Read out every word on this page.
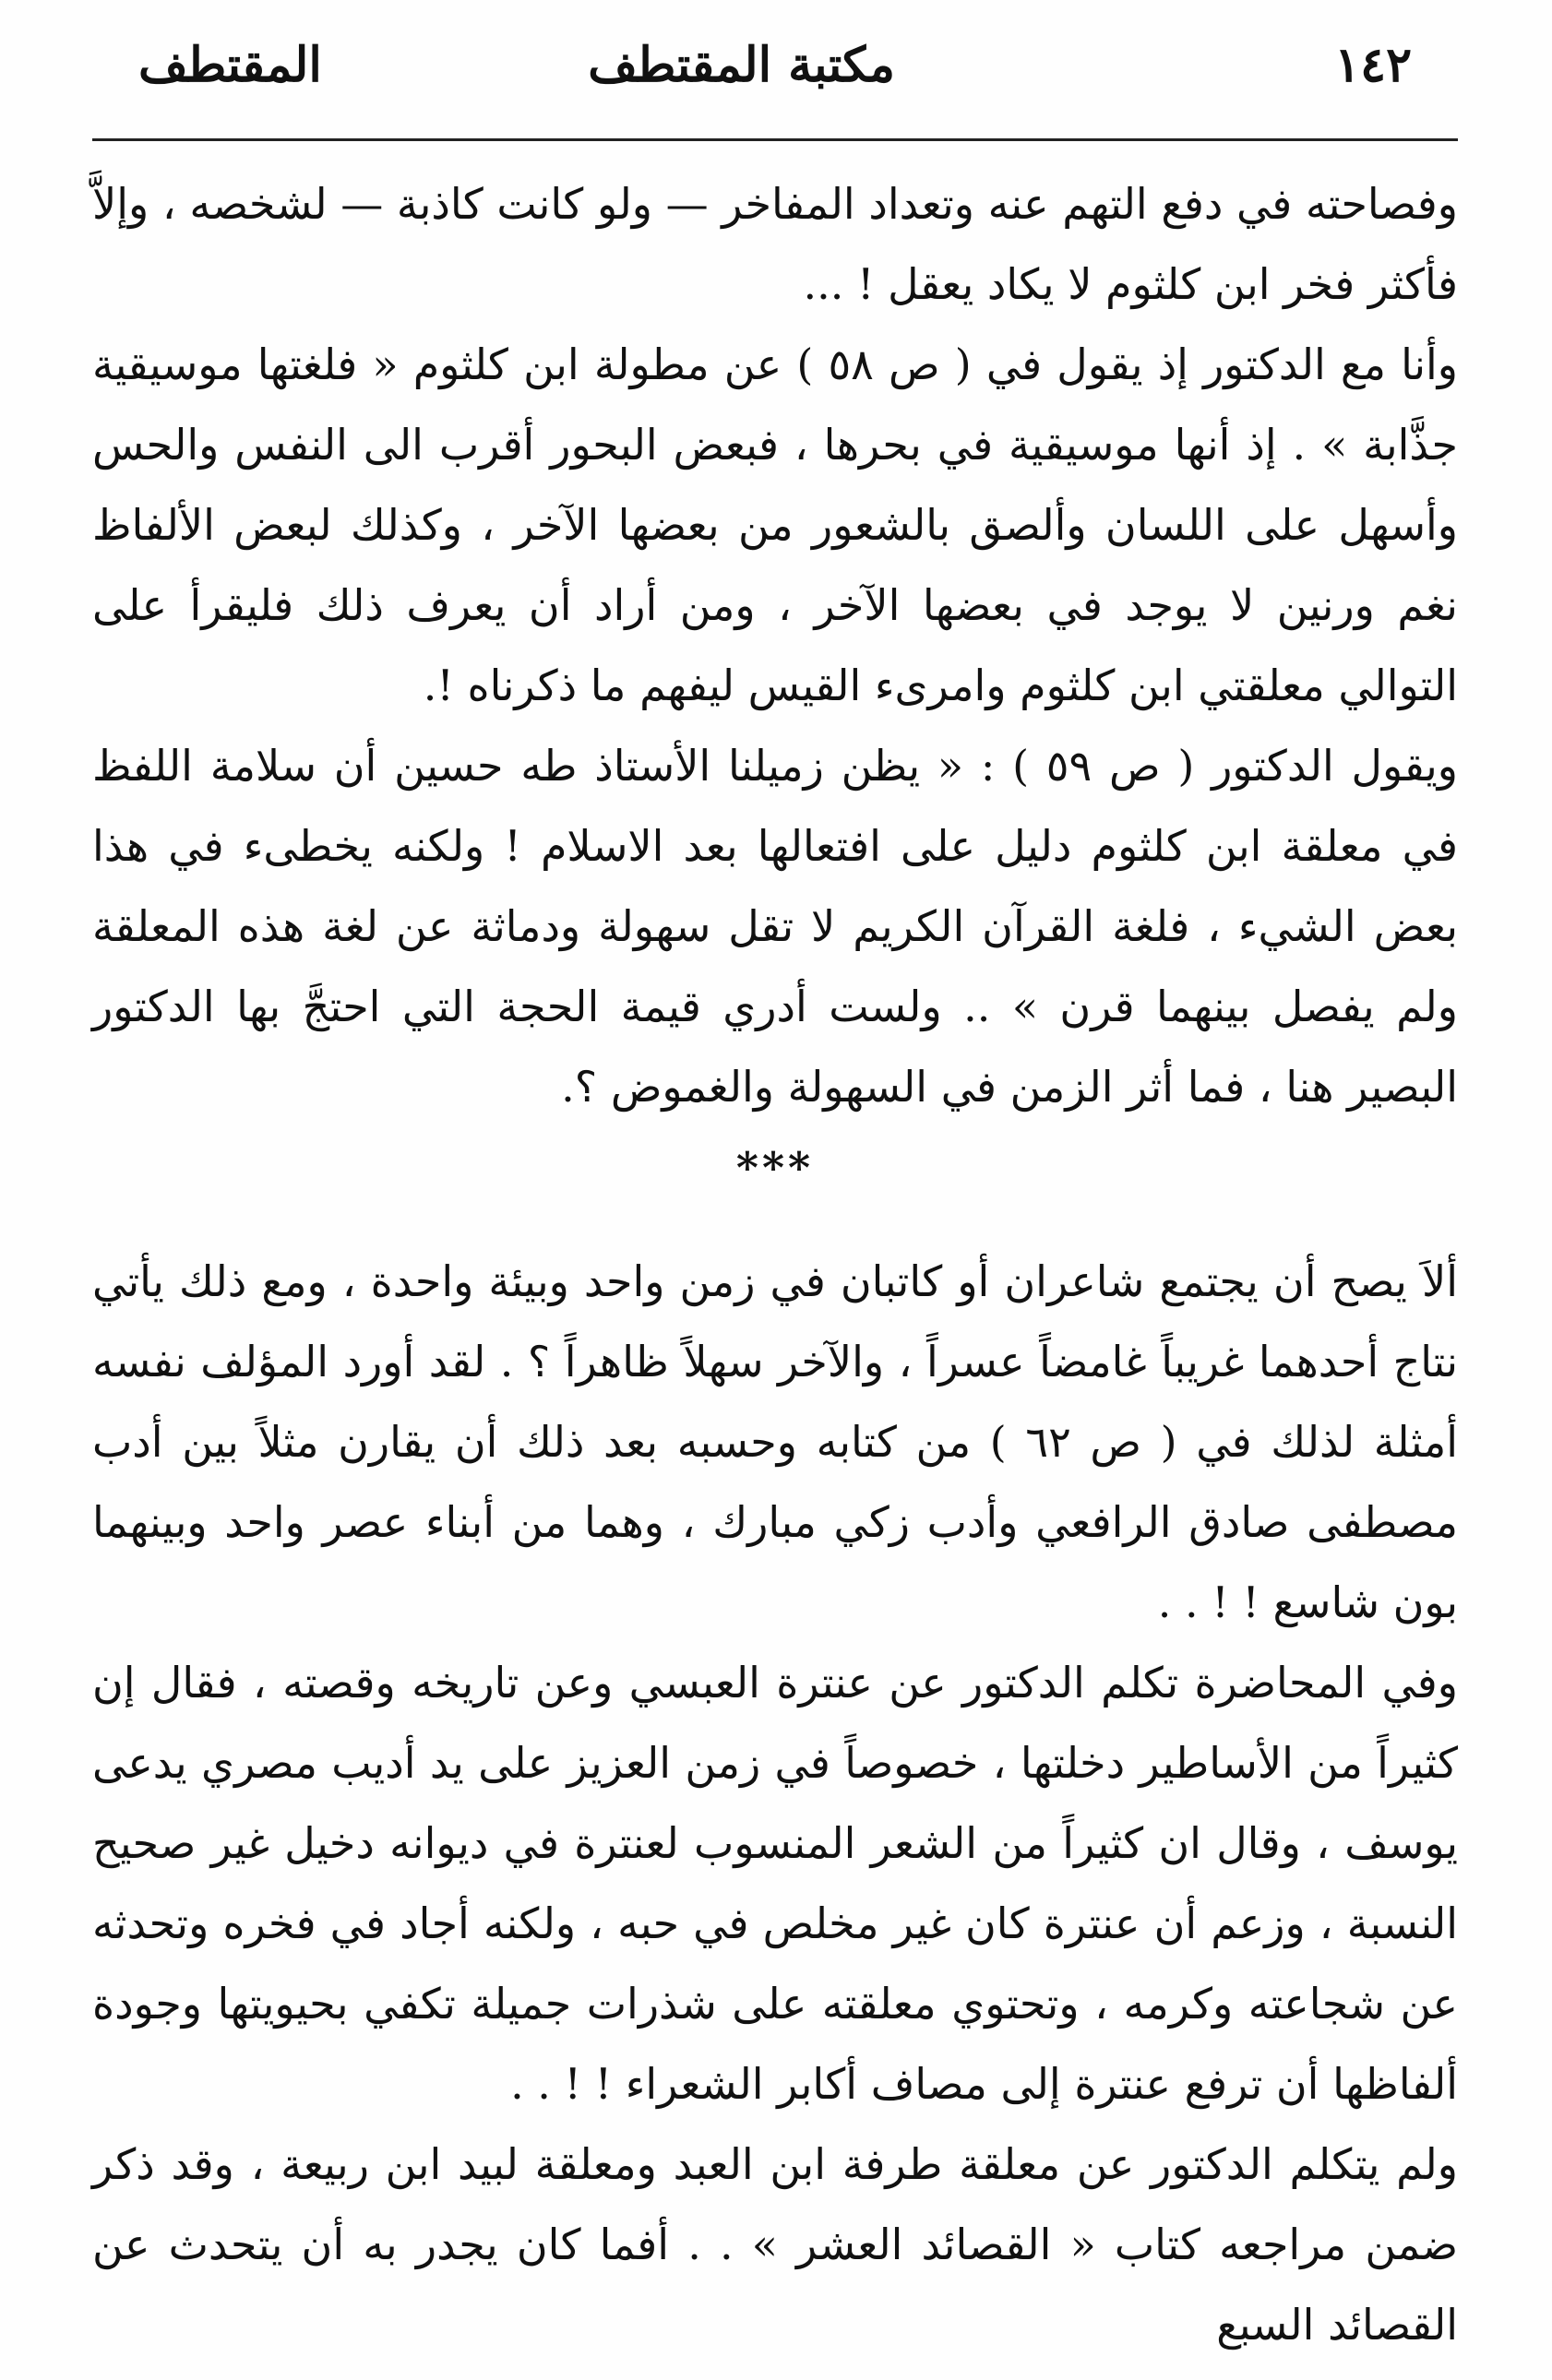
١٤٢
مكتبة المقتطف
المقتطف

وفصاحته في دفع التهم عنه وتعداد المفاخر — ولو كانت كاذبة — لشخصه ، وإلاَّ فأكثر فخر ابن كلثوم لا يكاد يعقل ! ...

وأنا مع الدكتور إذ يقول في ( ص ٥٨ ) عن مطولة ابن كلثوم « فلغتها موسيقية جذَّابة » . إذ أنها موسيقية في بحرها ، فبعض البحور أقرب الى النفس والحس وأسهل على اللسان وألصق بالشعور من بعضها الآخر ، وكذلك لبعض الألفاظ نغم ورنين لا يوجد في بعضها الآخر ، ومن أراد أن يعرف ذلك فليقرأ على التوالي معلقتي ابن كلثوم وامرىء القيس ليفهم ما ذكرناه !.

ويقول الدكتور ( ص ٥٩ ) : « يظن زميلنا الأستاذ طه حسين أن سلامة اللفظ في معلقة ابن كلثوم دليل على افتعالها بعد الاسلام ! ولكنه يخطىء في هذا بعض الشيء ، فلغة القرآن الكريم لا تقل سهولة ودماثة عن لغة هذه المعلقة ولم يفصل بينهما قرن » .. ولست أدري قيمة الحجة التي احتجَّ بها الدكتور البصير هنا ، فما أثر الزمن في السهولة والغموض ؟.

***

ألاَ يصح أن يجتمع شاعران أو كاتبان في زمن واحد وبيئة واحدة ، ومع ذلك يأتي نتاج أحدهما غريباً غامضاً عسراً ، والآخر سهلاً ظاهراً ؟ . لقد أورد المؤلف نفسه أمثلة لذلك في ( ص ٦٢ ) من كتابه وحسبه بعد ذلك أن يقارن مثلاً بين أدب مصطفى صادق الرافعي وأدب زكي مبارك ، وهما من أبناء عصر واحد وبينهما بون شاسع ! ! . .

وفي المحاضرة تكلم الدكتور عن عنترة العبسي وعن تاريخه وقصته ، فقال إن كثيراً من الأساطير دخلتها ، خصوصاً في زمن العزيز على يد أديب مصري يدعى يوسف ، وقال ان كثيراً من الشعر المنسوب لعنترة في ديوانه دخيل غير صحيح النسبة ، وزعم أن عنترة كان غير مخلص في حبه ، ولكنه أجاد في فخره وتحدثه عن شجاعته وكرمه ، وتحتوي معلقته على شذرات جميلة تكفي بحيويتها وجودة ألفاظها أن ترفع عنترة إلى مصاف أكابر الشعراء ! ! . .

ولم يتكلم الدكتور عن معلقة طرفة ابن العبد ومعلقة لبيد ابن ربيعة ، وقد ذكر ضمن مراجعه كتاب « القصائد العشر » . . أفما كان يجدر به أن يتحدث عن القصائد السبع
